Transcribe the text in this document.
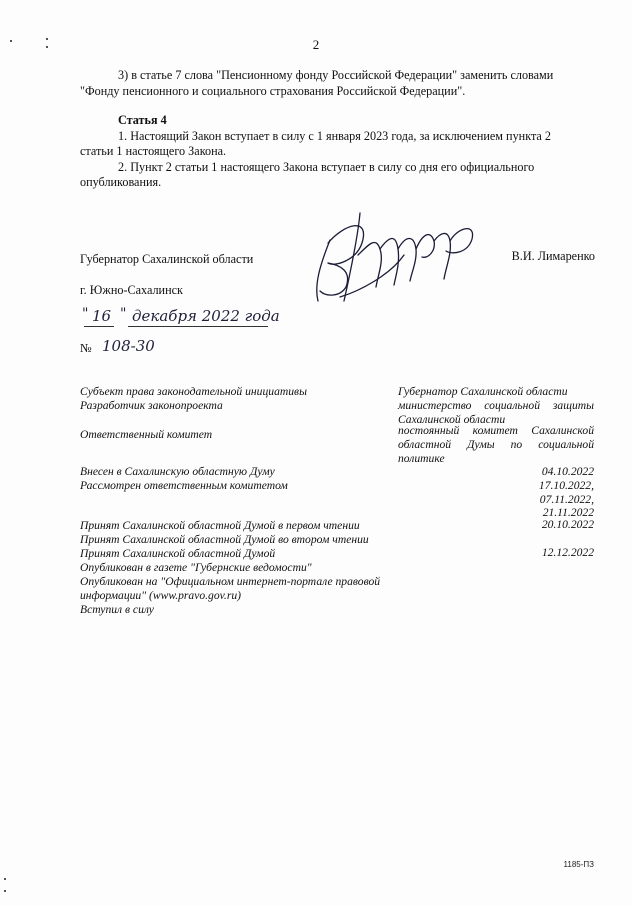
2
3) в статье 7 слова "Пенсионному фонду Российской Федерации" заменить словами
"Фонду пенсионного и социального страхования Российской Федерации".
Статья 4
1. Настоящий Закон вступает в силу с 1 января 2023 года, за исключением пункта 2
статьи 1 настоящего Закона.
2. Пункт 2 статьи 1 настоящего Закона вступает в силу со дня его официального
опубликования.
Губернатор Сахалинской области	В.И. Лимаренко
г. Южно-Сахалинск
" 16 " декабря 2022 года
№ 108-30
Субъект права законодательной инициативы
Разработчик законопроекта
Ответственный комитет
Внесен в Сахалинскую областную Думу
Рассмотрен ответственным комитетом
Принят Сахалинской областной Думой в первом чтении
Принят Сахалинской областной Думой во втором чтении
Принят Сахалинской областной Думой
Опубликован в газете "Губернские ведомости"
Опубликован на "Официальном интернет-портале правовой
информации" (www.pravo.gov.ru)
Вступил в силу
Губернатор Сахалинской области
министерство социальной защиты
Сахалинской области
постоянный комитет Сахалинской
областной Думы по социальной
политике
04.10.2022
17.10.2022,
07.11.2022,
21.11.2022
20.10.2022
12.12.2022
1185-ПЗ
